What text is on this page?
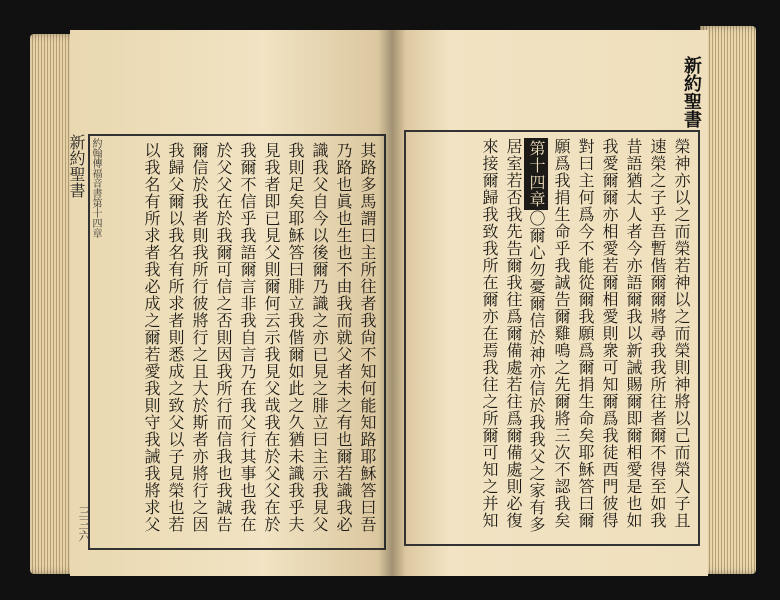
新約聖書 約翰傳福音書第十四章
三三六	其路多馬謂曰主所往者我尙不知何能知路耶穌答曰吾
乃路也眞也生也不由我而就父者未之有也爾若識我必
識我父自今以後爾乃識之亦已見之腓立曰主示我見父
我則足矣耶穌答曰腓立我偕爾如此之久猶未識我乎夫
見我者即已見父則爾何云示我見父哉我在於父父在於
我爾不信乎我語爾言非我自言乃在我父行其事也我在
於父父在於我爾可信之否則因我所行而信我也我誠告
爾信於我者則我所行彼將行之且大於斯者亦將行之因
我歸父爾以我名有所求者則悉成之致父以子見榮也若
以我名有所求者我必成之爾若愛我則守我誡我將求父
新約聖書
榮神亦以之而榮若神以之而榮則神將以己而榮人子且
速榮之子乎吾暫偕爾爾將尋我我所往者爾不得至如我
昔語猶太人者今亦語爾我以新誡賜爾即爾相愛是也如
我愛爾爾亦相愛若爾相愛則衆可知爾爲我徒西門彼得
對曰主何爲今不能從爾我願爲爾捐生命矣耶穌答曰爾
願爲我捐生命乎我誠告爾雞鳴之先爾將三次不認我矣
第十四章〇爾心勿憂爾信於神亦信於我我父之家有多
居室若否我先告爾我往爲爾備處若往爲爾備處則必復
來接爾歸我致我所在爾亦在焉我往之所爾可知之并知
